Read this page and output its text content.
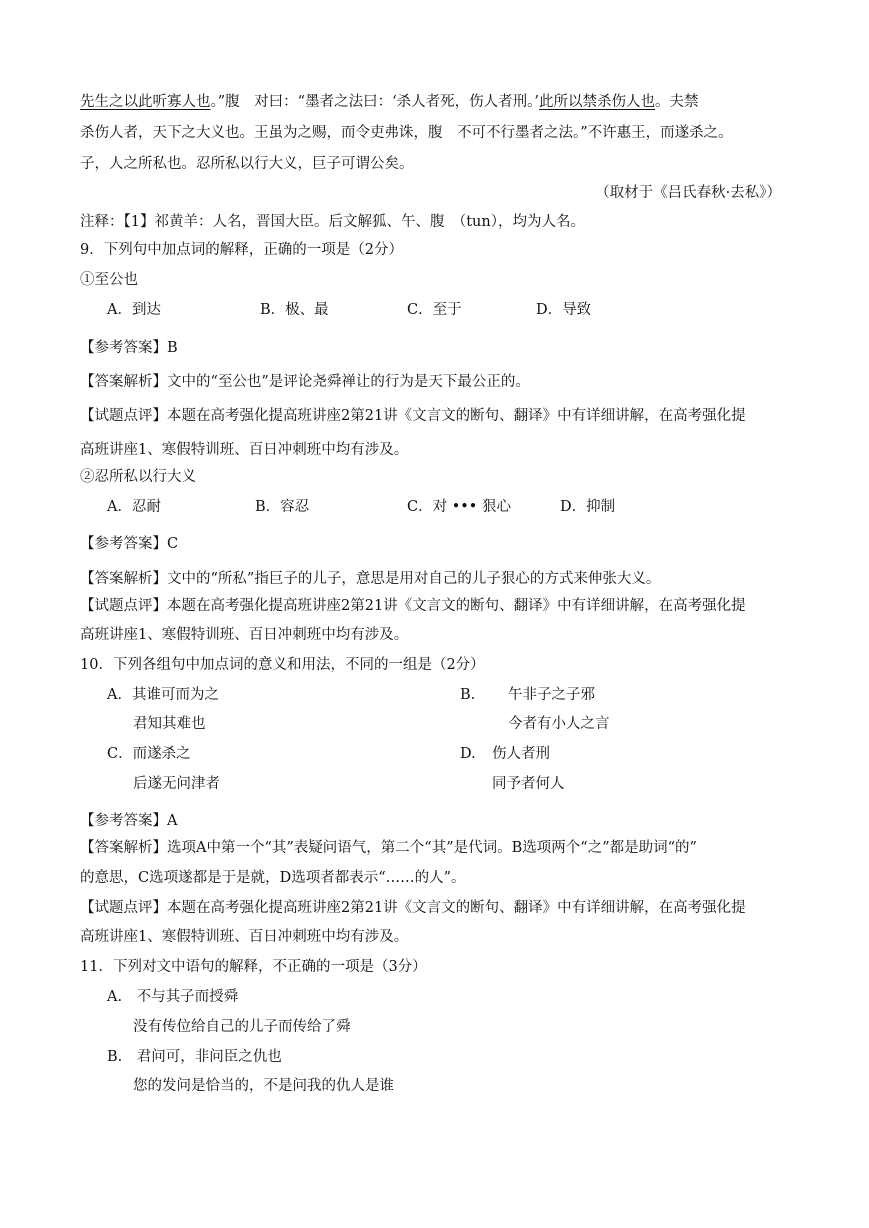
先生之以此听寡人也。”腹　对曰：“墨者之法曰：‘杀人者死，伤人者刑。’此所以禁杀伤人也。夫禁
杀伤人者，天下之大义也。王虽为之赐，而令吏弗诛，腹　不可不行墨者之法。”不许惠王，而遂杀之。
子，人之所私也。忍所私以行大义，巨子可谓公矣。
（取材于《吕氏春秋·去私》）
注释：【1】祁黄羊：人名，晋国大臣。后文解狐、午、腹　（tun），均为人名。
9．下列句中加点词的解释，正确的一项是（2分）
①至公也
A．到达	B．极、最	C．至于	D．导致
【参考答案】B
【答案解析】文中的“至公也”是评论尧舜禅让的行为是天下最公正的。
【试题点评】本题在高考强化提高班讲座2第21讲《文言文的断句、翻译》中有详细讲解，在高考强化提
高班讲座1、寒假特训班、百日冲刺班中均有涉及。
②忍所私以行大义
A．忍耐	B．容忍	C．对 ••• 狠心	D．抑制
【参考答案】C
【答案解析】文中的“所私”指巨子的儿子，意思是用对自己的儿子狠心的方式来伸张大义。
【试题点评】本题在高考强化提高班讲座2第21讲《文言文的断句、翻译》中有详细讲解，在高考强化提
高班讲座1、寒假特训班、百日冲刺班中均有涉及。
10．下列各组句中加点词的意义和用法，不同的一组是（2分）
A．其谁可而为之	B. 午非子之子邪
君知其难也	今者有小人之言
C．而遂杀之	D. 伤人者刑
后遂无问津者	同予者何人
【参考答案】A
【答案解析】选项A中第一个“其”表疑问语气，第二个“其”是代词。B选项两个“之”都是助词“的”
的意思，C选项遂都是于是就，D选项者都表示“……的人”。
【试题点评】本题在高考强化提高班讲座2第21讲《文言文的断句、翻译》中有详细讲解，在高考强化提
高班讲座1、寒假特训班、百日冲刺班中均有涉及。
11．下列对文中语句的解释，不正确的一项是（3分）
A.　不与其子而授舜
没有传位给自己的儿子而传给了舜
B.　君问可，非问臣之仇也
您的发问是恰当的，不是问我的仇人是谁
